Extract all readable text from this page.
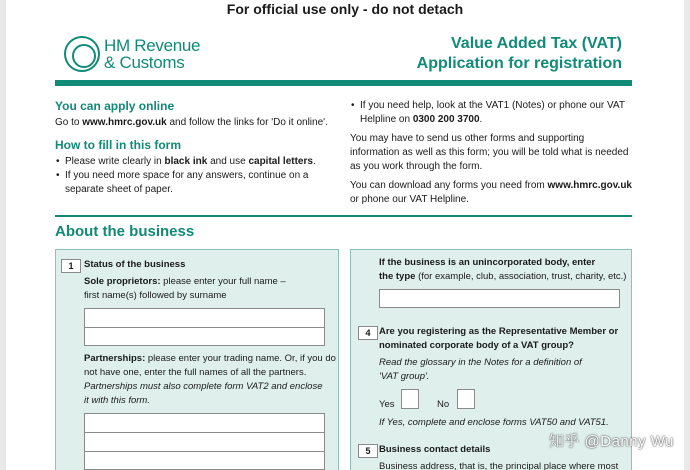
For official use only - do not detach
HM Revenue
& Customs
Value Added Tax (VAT)
Application for registration
You can apply online
Go to www.hmrc.gov.uk and follow the links for 'Do it online'.
How to fill in this form
• Please write clearly in black ink and use capital letters.
• If you need more space for any answers, continue on a separate sheet of paper.

• If you need help, look at the VAT1 (Notes) or phone our VAT Helpline on 0300 200 3700.

You may have to send us other forms and supporting information as well as this form; you will be told what is needed as you work through the form.

You can download any forms you need from www.hmrc.gov.uk or phone our VAT Helpline.

About the business
1	Status of the business
Sole proprietors: please enter your full name –
first name(s) followed by surname
Partnerships: please enter your trading name. Or, if you do
not have one, enter the full names of all the partners.
Partnerships must also complete form VAT2 and enclose
it with this form.
If the business is an unincorporated body, enter
the type (for example, club, association, trust, charity, etc.)
4 Are you registering as the Representative Member or
nominated corporate body of a VAT group?
Read the glossary in the Notes for a definition of
'VAT group'.
Yes	No
If Yes, complete and enclose forms VAT50 and VAT51.
5 Business contact details
Business address, that is, the principal place where most
知乎 @Danny Wu
